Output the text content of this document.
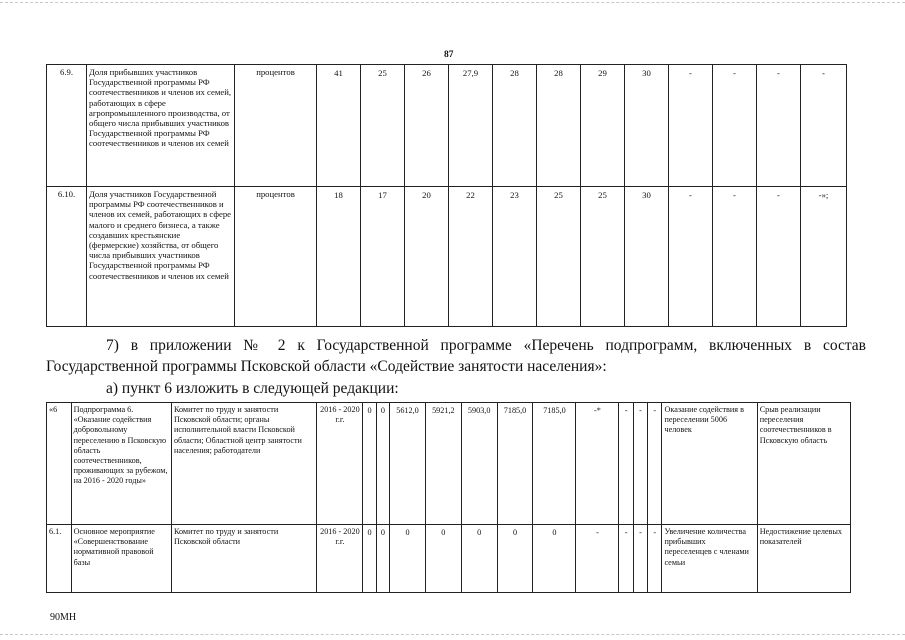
87
6.9.	Доля прибывших участников Государственной программы РФ соотечественников и членов их семей, работающих в сфере агропромышленного производства, от общего числа прибывших участников Государственной программы РФ соотечественников и членов их семей	процентов	41	25	26	27,9	28	28	29	30	-	-	-	-
6.10.	Доля участников Государственной программы РФ соотечественников и членов их семей, работающих в сфере малого и среднего бизнеса, а также создавших крестьянские (фермерские) хозяйства, от общего числа прибывших участников Государственной программы РФ соотечественников и членов их семей	процентов	18	17	20	22	23	25	25	30	-	-	-	-»;
7) в приложении № 2 к Государственной программе «Перечень подпрограмм, включенных в состав
Государственной программы Псковской области «Содействие занятости населения»:
а) пункт 6 изложить в следующей редакции:
«6	Подпрограмма 6. «Оказание содействия добровольному переселению в Псковскую область соотечественников, проживающих за рубежом, на 2016 - 2020 годы»	Комитет по труду и занятости Псковской области; органы исполнительной власти Псковской области; Областной центр занятости населения; работодатели	2016 - 2020 г.г.	0	0	5612,0	5921,2	5903,0	7185,0	7185,0	-*	-	-	-	Оказание содействия в переселении 5006 человек	Срыв реализации переселения соотечественников в Псковскую область
6.1.	Основное мероприятие «Совершенствование нормативной правовой базы	Комитет по труду и занятости Псковской области	2016 - 2020 г.г.	0	0	0	0	0	0	0	-	-	-	-	Увеличение количества прибывших переселенцев с членами семьи	Недостижение целевых показателей
90МН
